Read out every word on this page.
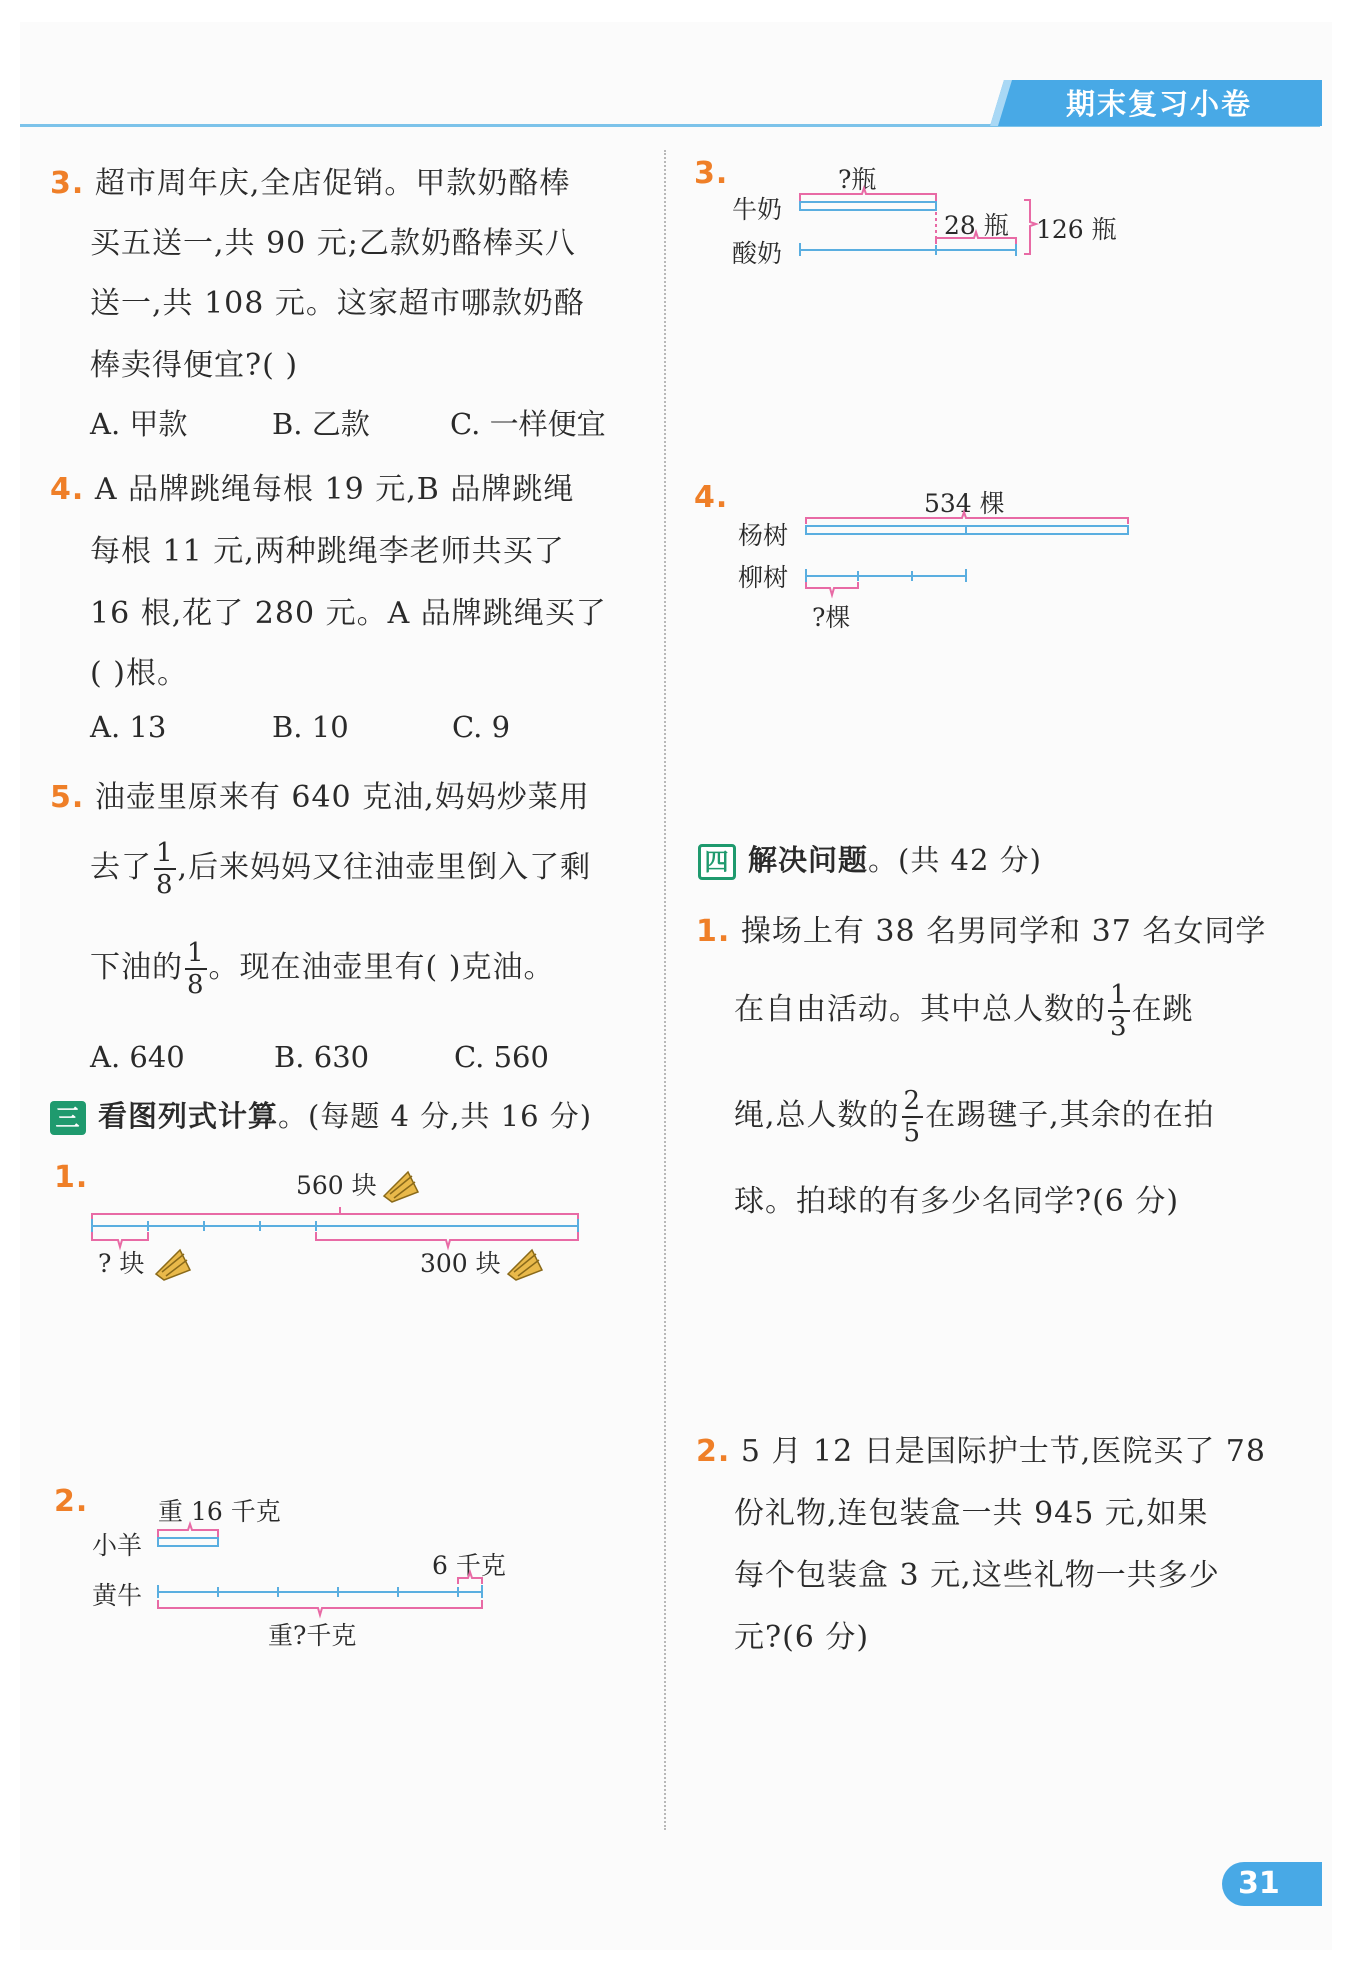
期末复习小卷
3. 超市周年庆,全店促销。甲款奶酪棒
买五送一,共 90 元;乙款奶酪棒买八
送一,共 108 元。这家超市哪款奶酪
棒卖得便宜?( )
A. 甲款	B. 乙款	C. 一样便宜
4. A 品牌跳绳每根 19 元,B 品牌跳绳
每根 11 元,两种跳绳李老师共买了
16 根,花了 280 元。A 品牌跳绳买了
( )根。
A. 13	B. 10	C. 9
5. 油壶里原来有 640 克油,妈妈炒菜用
去了 $\frac{1}{8}$ ,后来妈妈又往油壶里倒入了剩
下油的 $\frac{1}{8}$ 。现在油壶里有( )克油。
A. 640	B. 630	C. 560
三 看图列式计算。(每题 4 分,共 16 分)
1.	560 块
? 块	300 块
2.	重 16 千克
小羊
6 千克
黄牛
重?千克
3.	?瓶
牛奶
酸奶
28 瓶 126 瓶
4.	534 棵
杨树
柳树
?棵
四 解决问题。(共 42 分)
1. 操场上有 38 名男同学和 37 名女同学
在自由活动。其中总人数的 $\frac{1}{3}$ 在跳
绳,总人数的 $\frac{2}{5}$ 在踢毽子,其余的在拍
球。拍球的有多少名同学?(6 分)
2. 5 月 12 日是国际护士节,医院买了 78
份礼物,连包装盒一共 945 元,如果
每个包装盒 3 元,这些礼物一共多少
元?(6 分)
31
